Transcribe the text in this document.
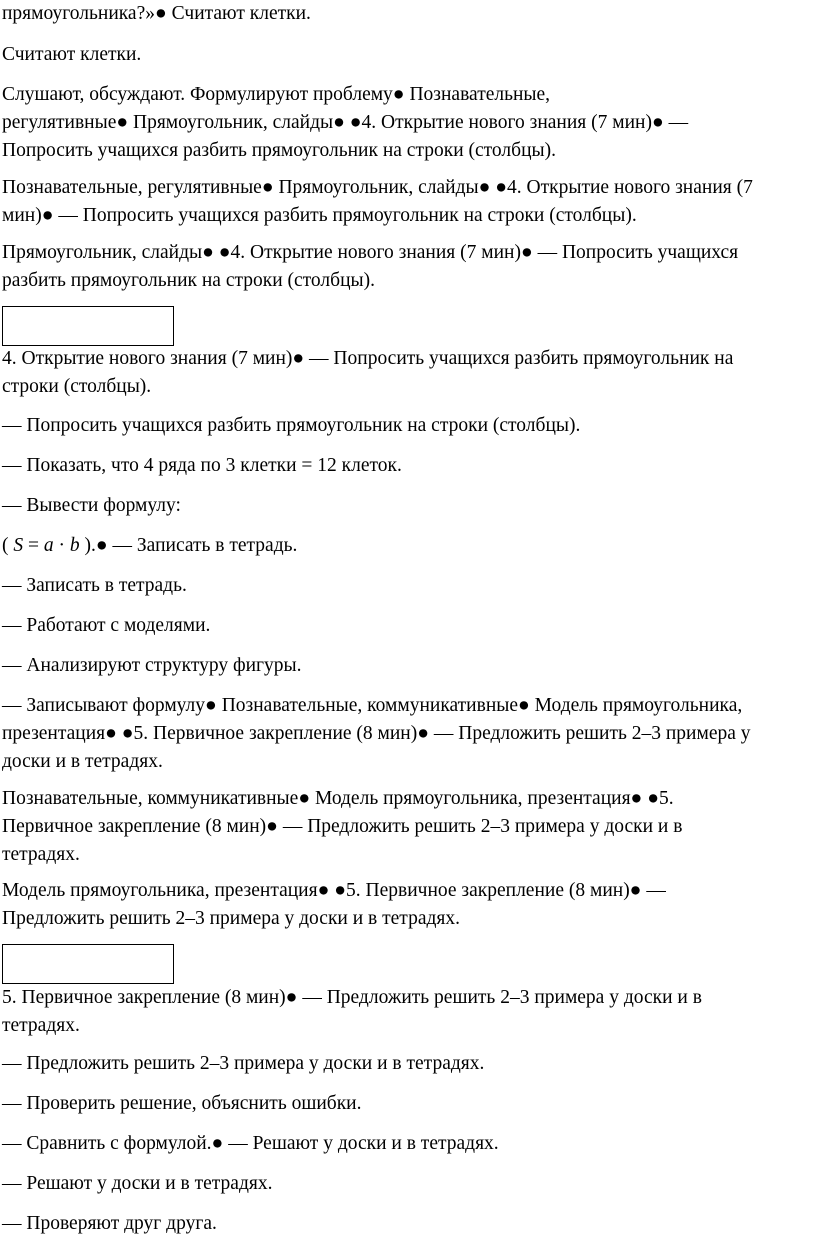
прямоугольника?»● Считают клетки.

Считают клетки.

Слушают, обсуждают. Формулируют проблему● Познавательные,
регулятивные● Прямоугольник, слайды● ●4. Открытие нового знания (7 мин)● —
Попросить учащихся разбить прямоугольник на строки (столбцы).

Познавательные, регулятивные● Прямоугольник, слайды● ●4. Открытие нового знания (7
мин)● — Попросить учащихся разбить прямоугольник на строки (столбцы).

Прямоугольник, слайды● ●4. Открытие нового знания (7 мин)● — Попросить учащихся
разбить прямоугольник на строки (столбцы).

4. Открытие нового знания (7 мин)● — Попросить учащихся разбить прямоугольник на
строки (столбцы).

— Попросить учащихся разбить прямоугольник на строки (столбцы).

— Показать, что 4 ряда по 3 клетки = 12 клеток.

— Вывести формулу:

( S = a · b ).● — Записать в тетрадь.

— Записать в тетрадь.

— Работают с моделями.

— Анализируют структуру фигуры.

— Записывают формулу● Познавательные, коммуникативные● Модель прямоугольника,
презентация● ●5. Первичное закрепление (8 мин)● — Предложить решить 2–3 примера у
доски и в тетрадях.

Познавательные, коммуникативные● Модель прямоугольника, презентация● ●5.
Первичное закрепление (8 мин)● — Предложить решить 2–3 примера у доски и в
тетрадях.

Модель прямоугольника, презентация● ●5. Первичное закрепление (8 мин)● —
Предложить решить 2–3 примера у доски и в тетрадях.

5. Первичное закрепление (8 мин)● — Предложить решить 2–3 примера у доски и в
тетрадях.

— Предложить решить 2–3 примера у доски и в тетрадях.

— Проверить решение, объяснить ошибки.

— Сравнить с формулой.● — Решают у доски и в тетрадях.

— Решают у доски и в тетрадях.

— Проверяют друг друга.
